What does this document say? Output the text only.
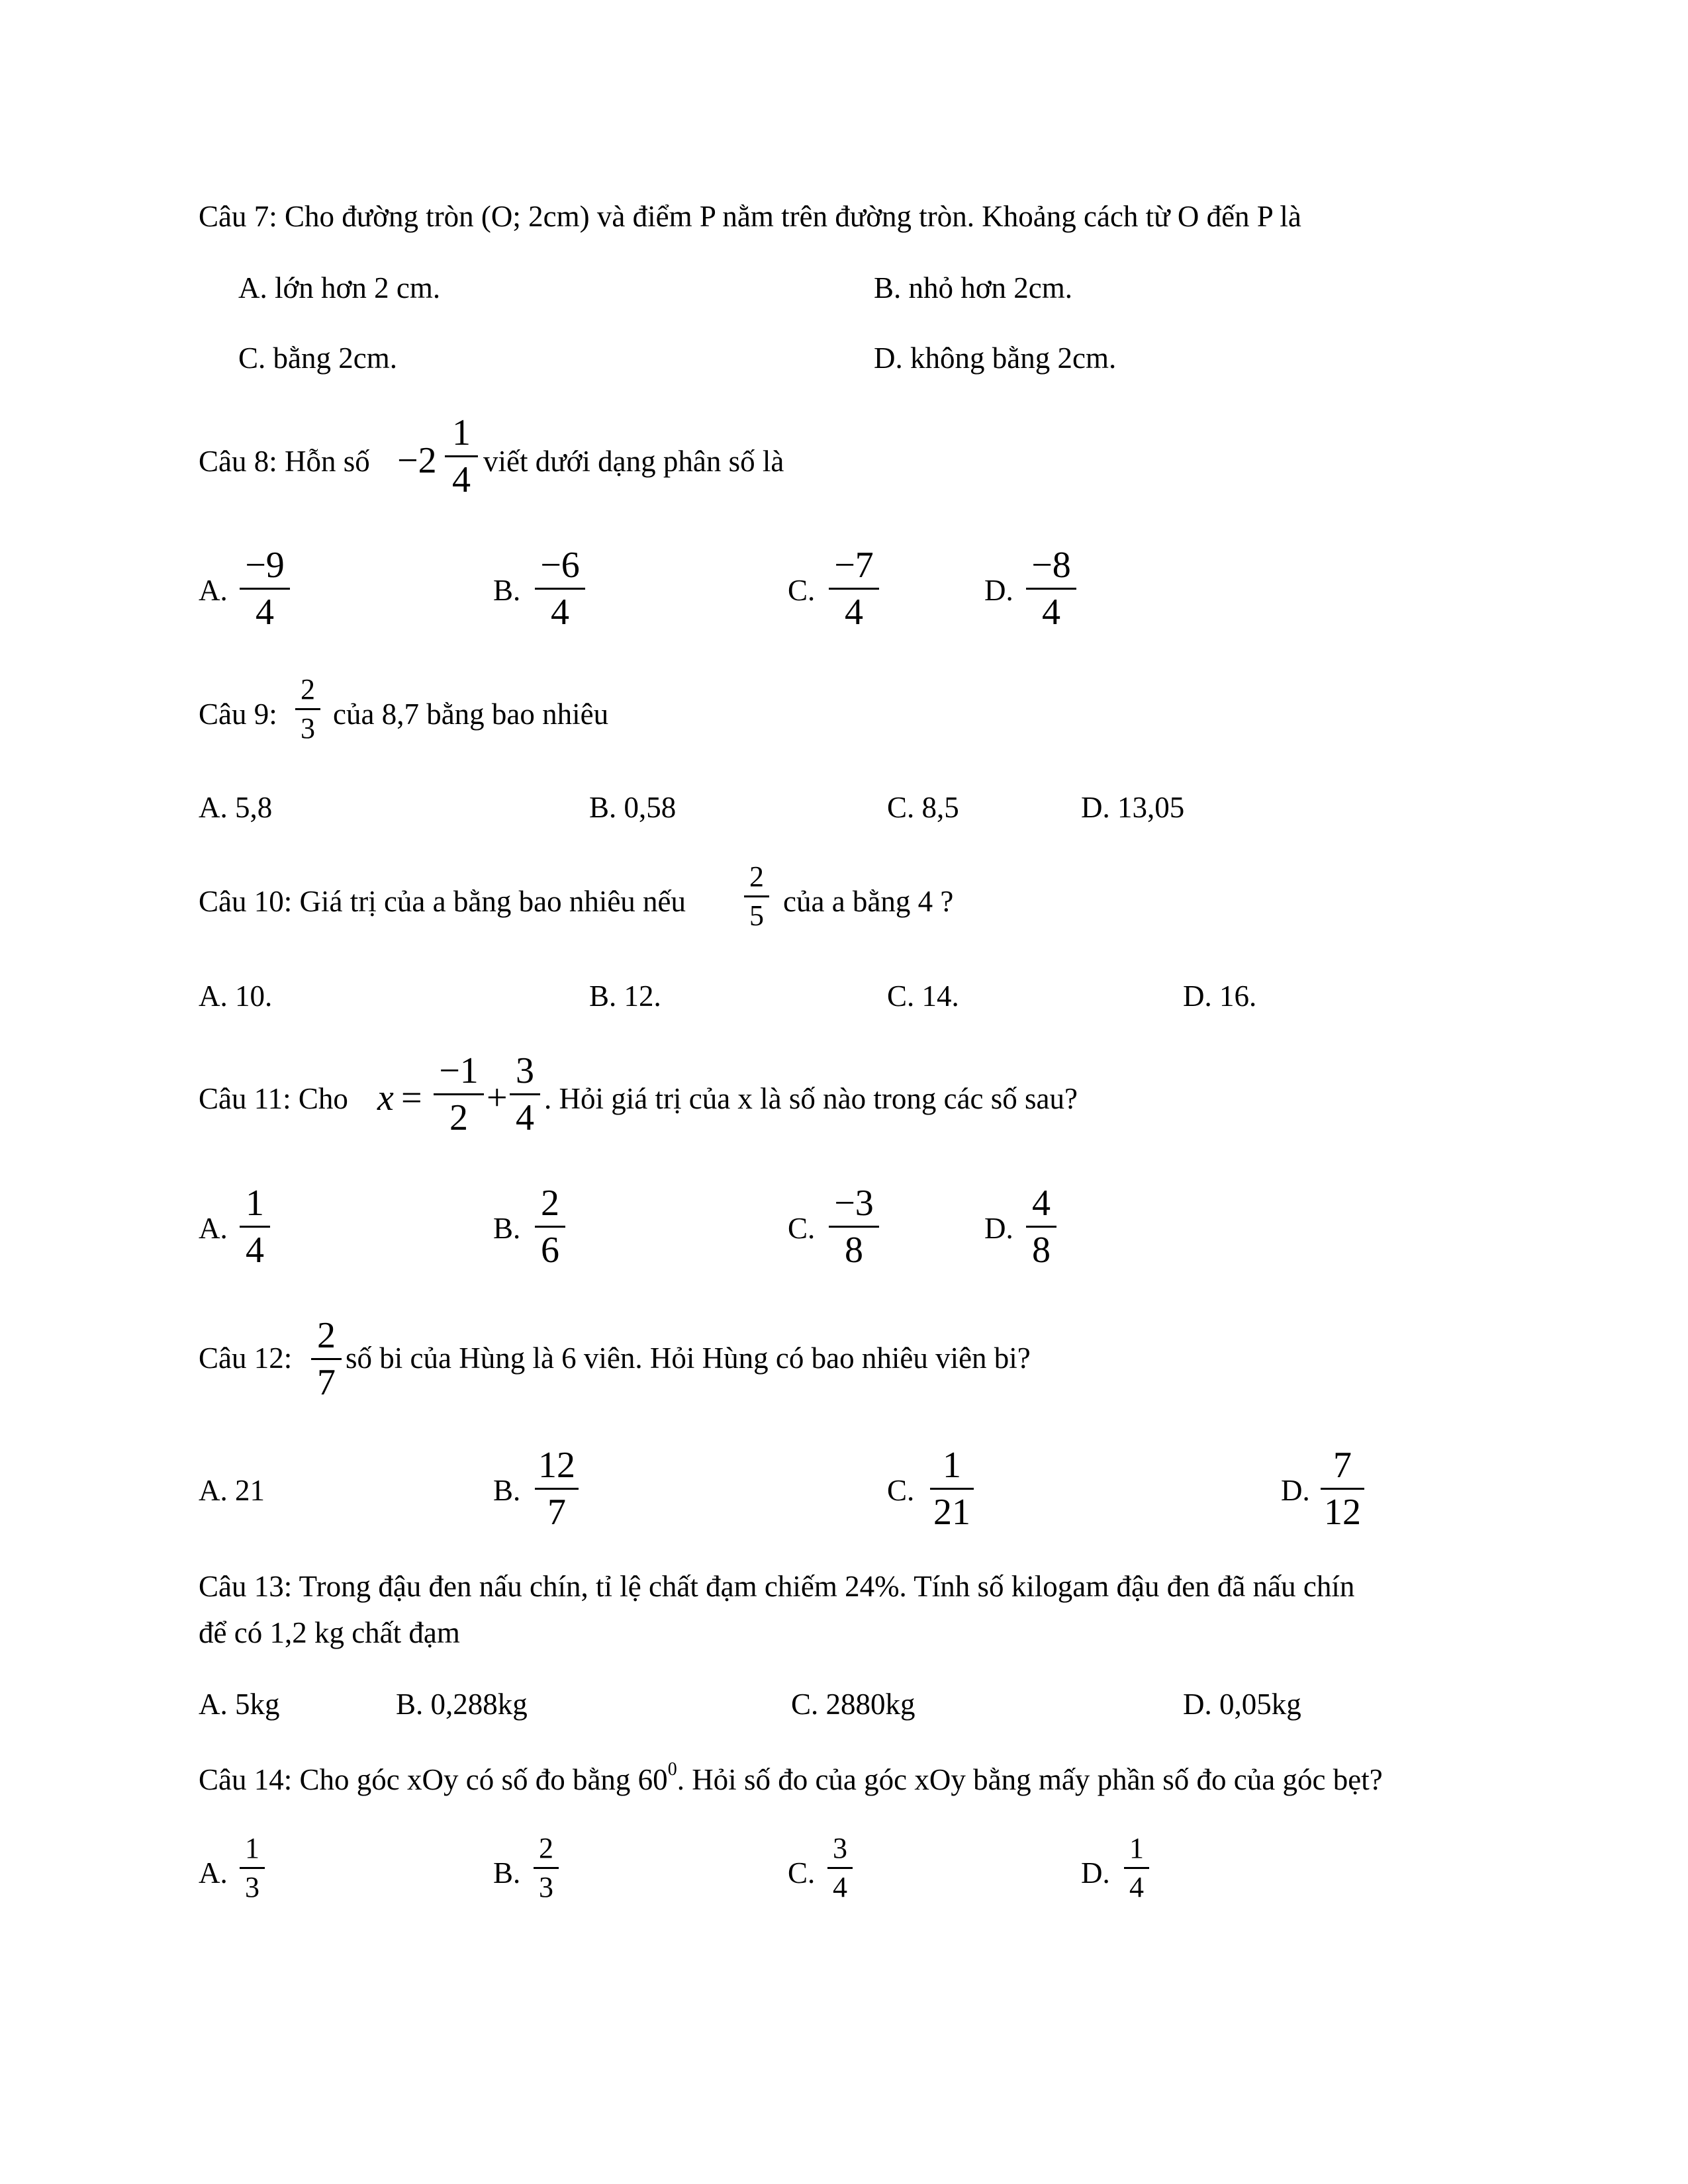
Câu 7: Cho đường tròn (O; 2cm) và điểm P nằm trên đường tròn. Khoảng cách từ O đến P là
A. lớn hơn 2 cm.	B. nhỏ hơn 2cm.
C. bằng 2cm.	D. không bằng 2cm.
Câu 8: Hỗn số −2
1
4 viết dưới dạng phân số là
A.
−9
4
B.
−6
4
C.
−7
4
D.
−8
4
Câu 9:
2
3 của 8,7 bằng bao nhiêu
A. 5,8	B. 0,58	C. 8,5	D. 13,05
Câu 10: Giá trị của a bằng bao nhiêu nếu
2
5 của a bằng 4 ?
A. 10.	B. 12.	C. 14.	D. 16.
Câu 11: Cho x =
−1
2 +
3
4 . Hỏi giá trị của x là số nào trong các số sau?
A.
1
4
B.
2
6
C.
−3
8
D.
4
8
Câu 12:
2
7
số bi của Hùng là 6 viên. Hỏi Hùng có bao nhiêu viên bi?
A. 21	B.
12
7
C.
1
21
D.
7
12
Câu 13: Trong đậu đen nấu chín, tỉ lệ chất đạm chiếm 24%. Tính số kilogam đậu đen đã nấu chín
để có 1,2 kg chất đạm
A. 5kg	B. 0,288kg	C. 2880kg	D. 0,05kg
Câu 14: Cho góc xOy có số đo bằng $60^0$. Hỏi số đo của góc xOy bằng mấy phần số đo của góc bẹt?
A.
1
3	B.
2
3	C.
3
4	D.
1
4
